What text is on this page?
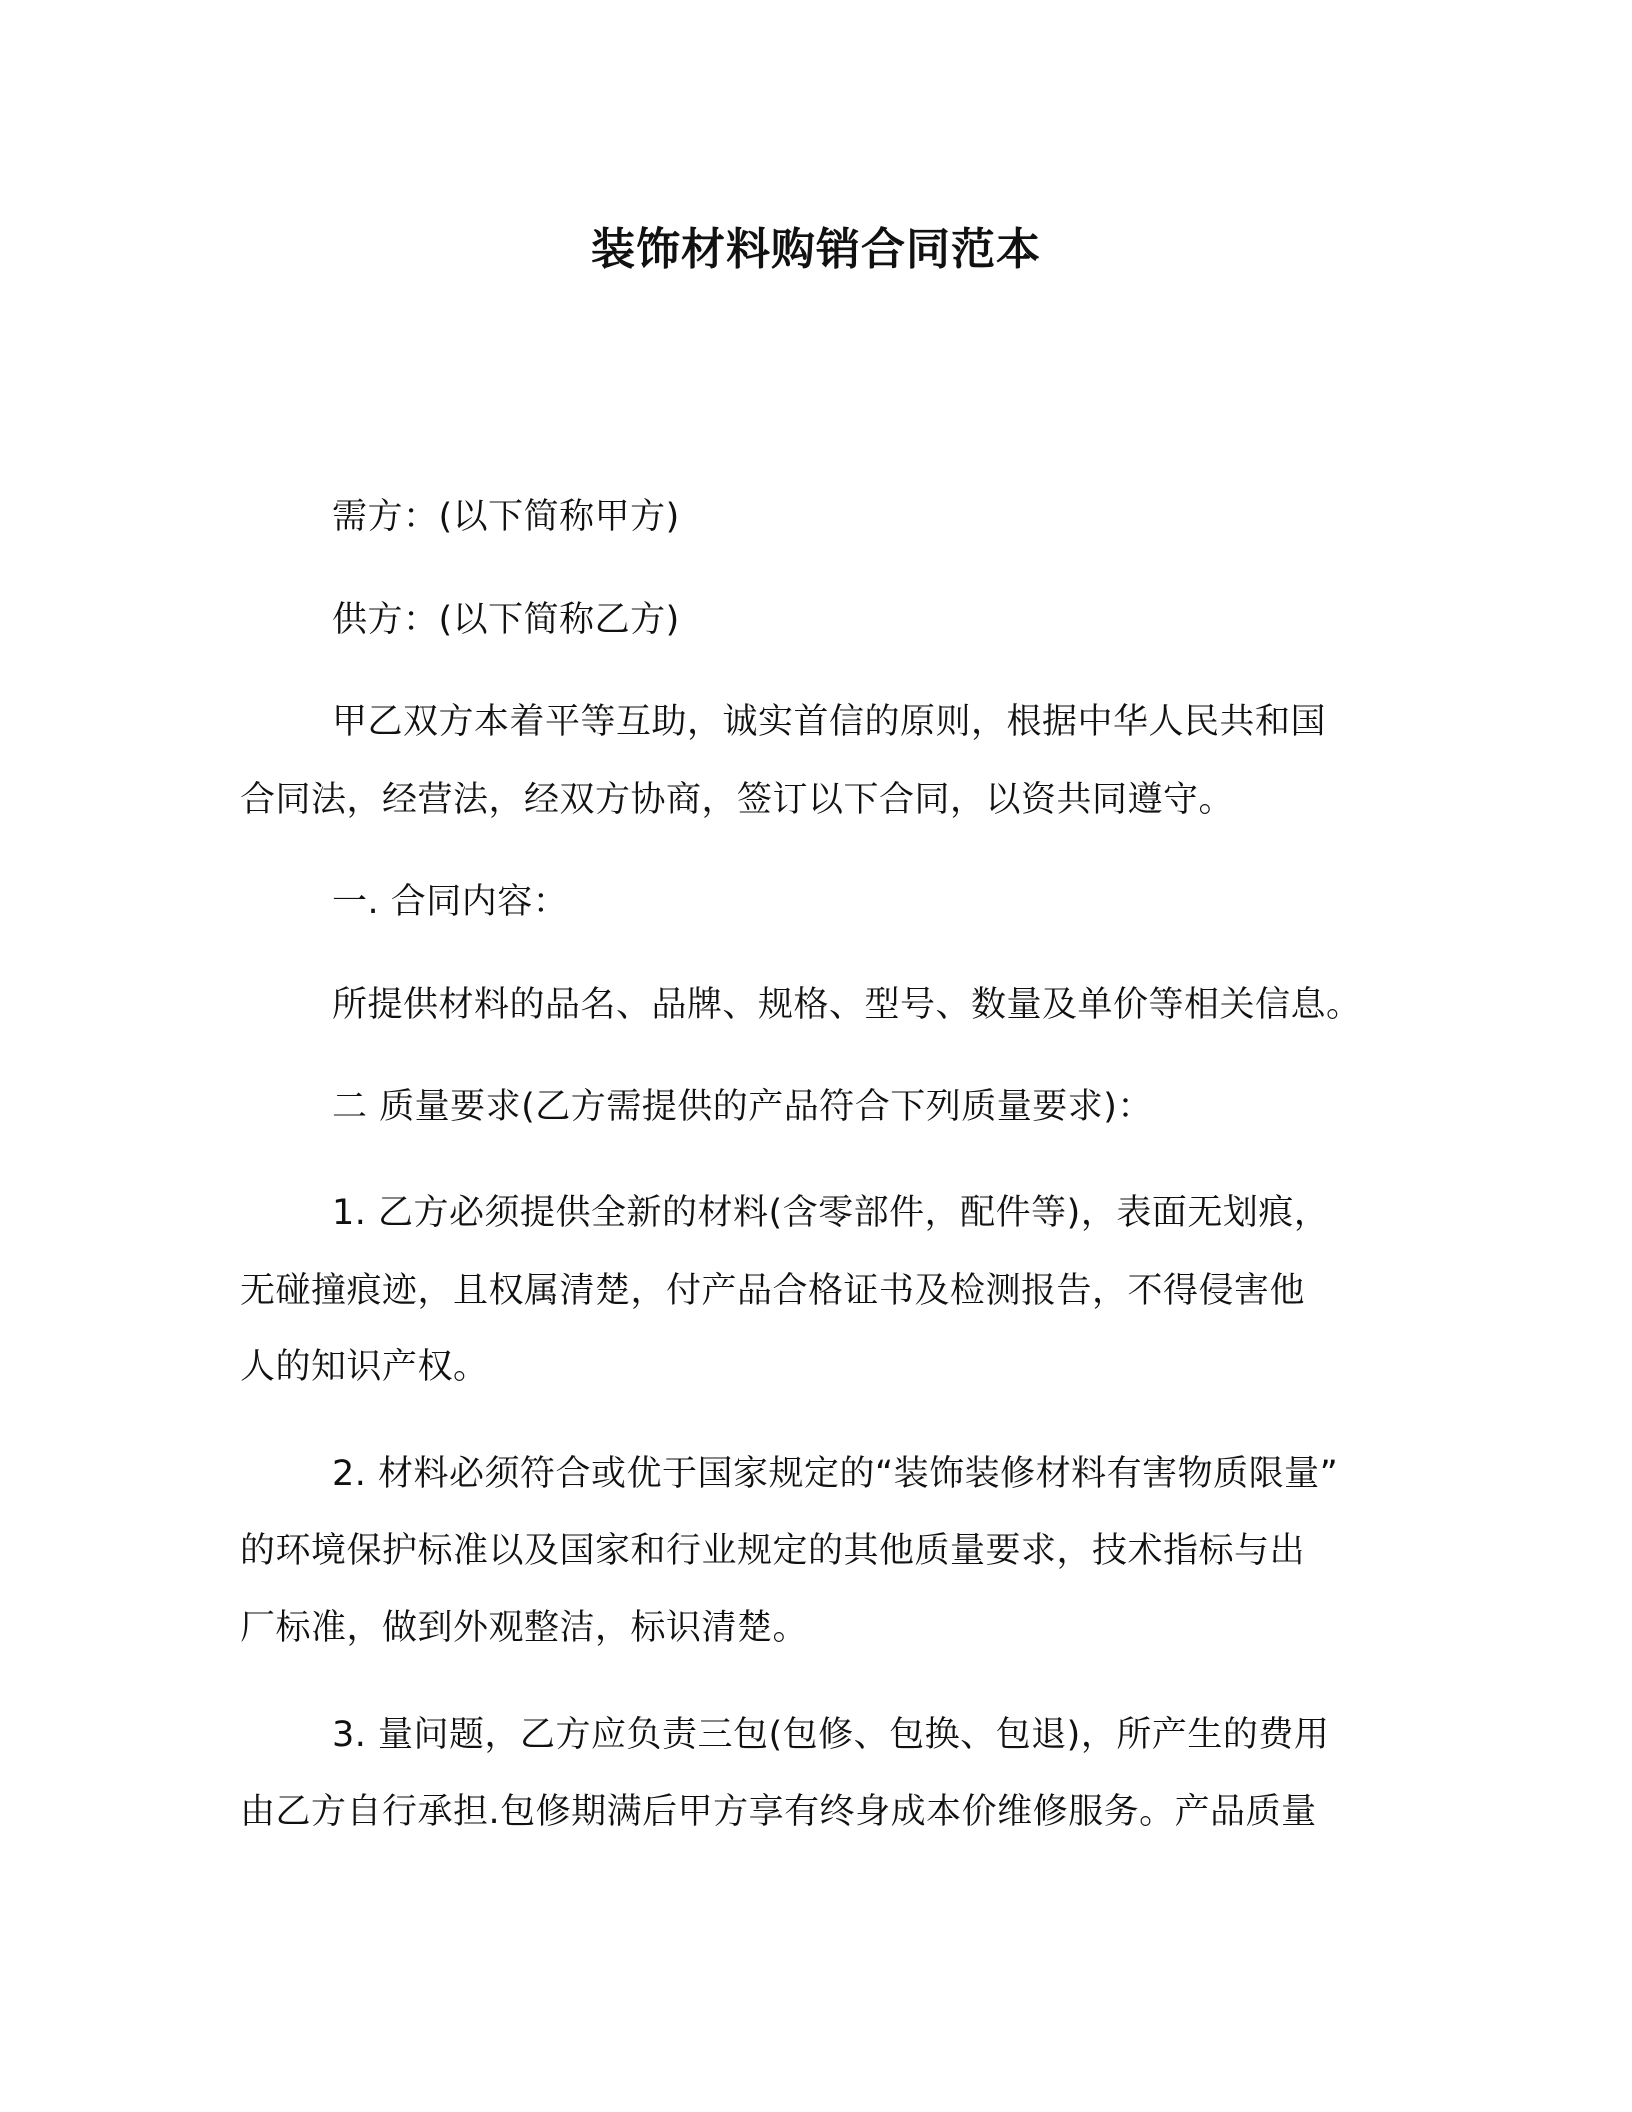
装饰材料购销合同范本
需方：(以下简称甲方)
供方：(以下简称乙方)
甲乙双方本着平等互助，诚实首信的原则，根据中华人民共和国
合同法，经营法，经双方协商，签订以下合同，以资共同遵守。
一. 合同内容：
所提供材料的品名、品牌、规格、型号、数量及单价等相关信息。
二 质量要求(乙方需提供的产品符合下列质量要求)：
1. 乙方必须提供全新的材料(含零部件，配件等)，表面无划痕，
无碰撞痕迹，且权属清楚，付产品合格证书及检测报告，不得侵害他
人的知识产权。
2. 材料必须符合或优于国家规定的“装饰装修材料有害物质限量”
的环境保护标准以及国家和行业规定的其他质量要求，技术指标与出
厂标准，做到外观整洁，标识清楚。
3. 量问题，乙方应负责三包(包修、包换、包退)，所产生的费用
由乙方自行承担.包修期满后甲方享有终身成本价维修服务。产品质量
